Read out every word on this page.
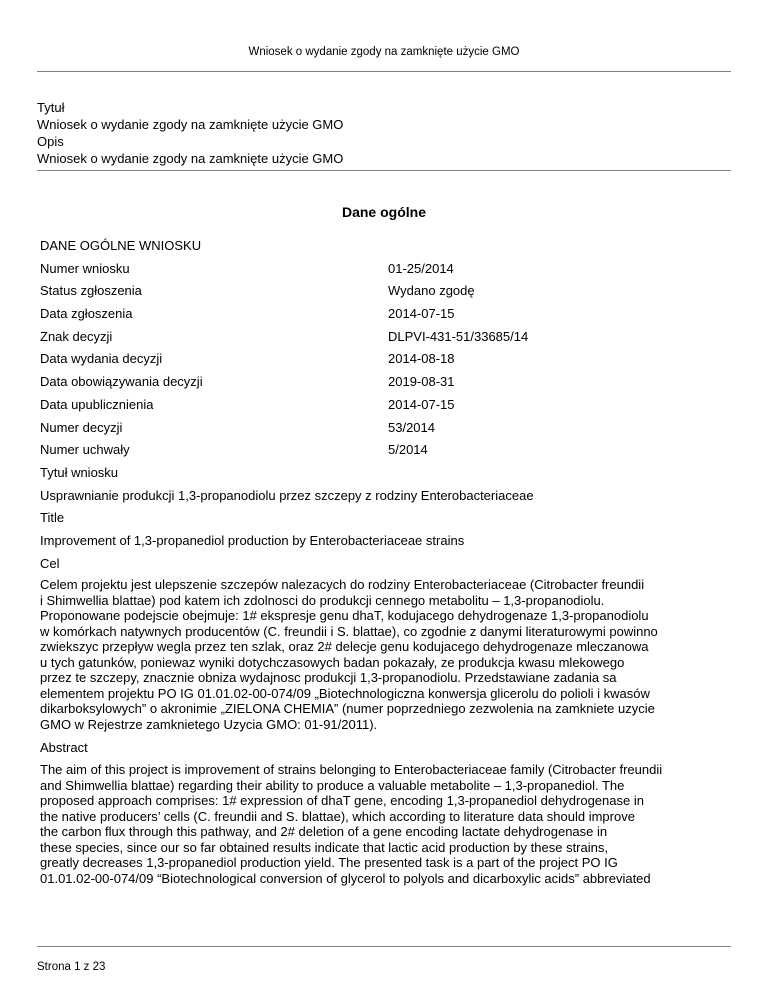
Wniosek o wydanie zgody na zamknięte użycie GMO
Tytuł
Wniosek o wydanie zgody na zamknięte użycie GMO
Opis
Wniosek o wydanie zgody na zamknięte użycie GMO
Dane ogólne
DANE OGÓLNE WNIOSKU
Numer wniosku	01-25/2014
Status zgłoszenia	Wydano zgodę
Data zgłoszenia	2014-07-15
Znak decyzji	DLPVI-431-51/33685/14
Data wydania decyzji	2014-08-18
Data obowiązywania decyzji	2019-08-31
Data upublicznienia	2014-07-15
Numer decyzji	53/2014
Numer uchwały	5/2014
Tytuł wniosku
Usprawnianie produkcji 1,3-propanodiolu przez szczepy z rodziny Enterobacteriaceae
Title
Improvement of 1,3-propanediol production by Enterobacteriaceae strains
Cel
Celem projektu jest ulepszenie szczepów nalezacych do rodziny Enterobacteriaceae (Citrobacter freundii
i Shimwellia blattae) pod katem ich zdolnosci do produkcji cennego metabolitu – 1,3-propanodiolu.
Proponowane podejscie obejmuje: 1# ekspresje genu dhaT, kodujacego dehydrogenaze 1,3-propanodiolu
w komórkach natywnych producentów (C. freundii i S. blattae), co zgodnie z danymi literaturowymi powinno
zwiekszyc przepływ wegla przez ten szlak, oraz 2# delecje genu kodujacego dehydrogenaze mleczanowa
u tych gatunków, poniewaz wyniki dotychczasowych badan pokazały, ze produkcja kwasu mlekowego
przez te szczepy, znacznie obniza wydajnosc produkcji 1,3-propanodiolu. Przedstawiane zadania sa
elementem projektu PO IG 01.01.02-00-074/09 „Biotechnologiczna konwersja glicerolu do polioli i kwasów
dikarboksylowych” o akronimie „ZIELONA CHEMIA” (numer poprzedniego zezwolenia na zamkniete uzycie
GMO w Rejestrze zamknietego Uzycia GMO: 01-91/2011).
Abstract
The aim of this project is improvement of strains belonging to Enterobacteriaceae family (Citrobacter freundii
and Shimwellia blattae) regarding their ability to produce a valuable metabolite – 1,3-propanediol. The
proposed approach comprises: 1# expression of dhaT gene, encoding 1,3-propanediol dehydrogenase in
the native producers’ cells (C. freundii and S. blattae), which according to literature data should improve
the carbon flux through this pathway, and 2# deletion of a gene encoding lactate dehydrogenase in
these species, since our so far obtained results indicate that lactic acid production by these strains,
greatly decreases 1,3-propanediol production yield. The presented task is a part of the project PO IG
01.01.02-00-074/09 “Biotechnological conversion of glycerol to polyols and dicarboxylic acids” abbreviated
Strona 1 z 23
